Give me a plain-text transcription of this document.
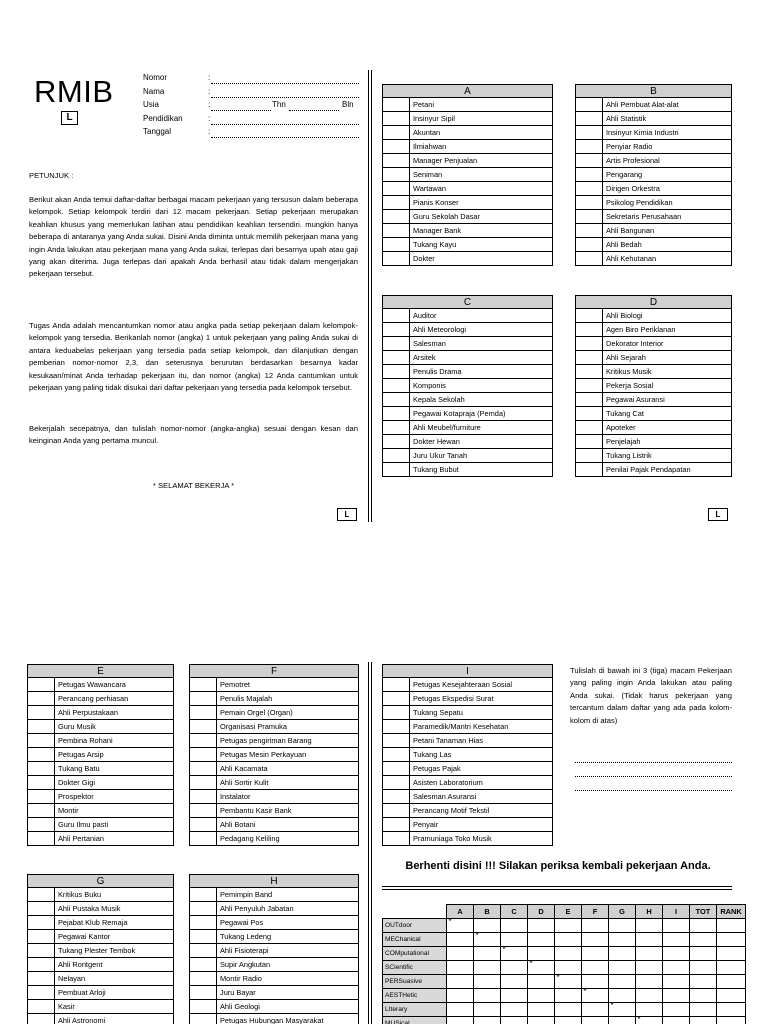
RMIB
L
Nomor	:
Nama	:
Usia	:	Thn	Bln
Pendidikan	:
Tanggal	:
PETUNJUK :
Berikut akan Anda temui daftar-daftar berbagai macam pekerjaan yang tersusun dalam beberapa kelompok. Setiap kelompok terdiri dari 12 macam pekerjaan. Setiap pekerjaan merupakan keahlian khusus yang memerlukan latihan atau pendidikan keahlian tersendiri. mungkin hanya beberapa di antaranya yang Anda sukai. Disini Anda diminta untuk memilih pekerjaan mana yang ingin Anda lakukan atau pekerjaan mana yang Anda sukai, terlepas dari besarnya upah atau gaji yang akan diterima. Juga terlepas dari apakah Anda berhasil atau tidak dalam mengerjakan pekerjaan tersebut.
Tugas Anda adalah mencantumkan nomor atau angka pada setiap pekerjaan dalam kelompok-kelompok yang tersedia. Berikanlah nomor (angka) 1 untuk pekerjaan yang paling Anda sukai di antara keduabelas pekerjaan yang tersedia pada setiap kelompok, dan dilanjutkan dengan pemberian nomor-nomor 2,3, dan seterusnya berurutan berdasarkan besarnya kadar kesukaan/minat Anda terhadap pekerjaan itu, dan nomor (angka) 12 Anda cantumkan untuk pekerjaan yang paling tidak disukai dari daftar pekerjaan yang tersedia pada kelompok tersebut.
Bekerjalah secepatnya, dan tulislah nomor-nomor (angka-angka) sesuai dengan kesan dan keinginan Anda yang pertama muncul.
* SELAMAT BEKERJA *
L	L
A	
	Petani
	Insinyur Sipil
	Akuntan
	Ilmiahwan
	Manager Penjualan
	Seniman
	Wartawan
	Pianis Konser
	Guru Sekolah Dasar
	Manager Bank
	Tukang Kayu
	Dokter
B	
	Ahli Pembuat Alat-alat
	Ahli Statistik
	Insinyur Kimia Industri
	Penyiar Radio
	Artis Profesional
	Pengarang
	Dirigen Orkestra
	Psikolog Pendidikan
	Sekretaris Perusahaan
	Ahli Bangunan
	Ahli Bedah
	Ahli Kehutanan
C	
	Auditor
	Ahli Meteorologi
	Salesman
	Arsitek
	Penulis Drama
	Komponis
	Kepala Sekolah
	Pegawai Kotapraja (Pemda)
	Ahli Meubel/furniture
	Dokter Hewan
	Juru Ukur Tanah
	Tukang Bubut
D	
	Ahli Biologi
	Agen Biro Periklanan
	Dekorator Interior
	Ahli Sejarah
	Kritikus Musik
	Pekerja Sosial
	Pegawai Asuransi
	Tukang Cat
	Apoteker
	Penjelajah
	Tukang Listrik
	Penilai Pajak Pendapatan
E	
	Petugas Wawancara
	Perancang perhiasan
	Ahli Perpustakaan
	Guru Musik
	Pembina Rohani
	Petugas Arsip
	Tukang Batu
	Dokter Gigi
	Prospektor
	Montir
	Guru Ilmu pasti
	Ahli Pertanian
F	
	Pemotret
	Penulis Majalah
	Pemain Orgel (Organ)
	Organisasi Pramuka
	Petugas pengiriman Barang
	Petugas Mesin Perkayuan
	Ahli Kacamata
	Ahli Sortir Kulit
	Instalator
	Pembantu Kasir Bank
	Ahli Botani
	Pedagang Keliling
G	
	Kritikus Buku
	Ahli Pustaka Musik
	Pejabat Klub Remaja
	Pegawai Kantor
	Tukang Plester Tembok
	Ahli Rontgent
	Nelayan
	Pembuat Arloji
	Kasir
	Ahli Astronomi
H	
	Pemimpin Band
	Ahli Penyuluh Jabatan
	Pegawai Pos
	Tukang Ledeng
	Ahli Fisioterapi
	Supir Angkutan
	Montir Radio
	Juru Bayar
	Ahli Geologi
	Petugas Hubungan Masyarakat
I	
	Petugas Kesejahteraan Sosial
	Petugas Ekspedisi Surat
	Tukang Sepatu
	Paramedik/Mantri Kesehatan
	Petani Tanaman Hias
	Tukang Las
	Petugas Pajak
	Asisten Laboratorium
	Salesman Asuransi
	Perancang Motif Tekstil
	Penyair
	Pramuniaga Toko Musik
Tulislah di bawah ini 3 (tiga) macam Pekerjaan yang paling ingin Anda lakukan atau paling Anda sukai. (Tidak harus pekerjaan yang tercantum dalam daftar yang ada pada kolom-kolom di atas)
Berhenti disini !!! Silakan periksa kembali pekerjaan Anda.
	A	B	C	D	E	F	G	H	I	TOT	RANK
OUTdoor	*										
MEChanical		*									
COMputational			*								
SCientific				*							
PERSuasive					*						
AESTHetic						*					
LIterary							*				
MUSical								*			
